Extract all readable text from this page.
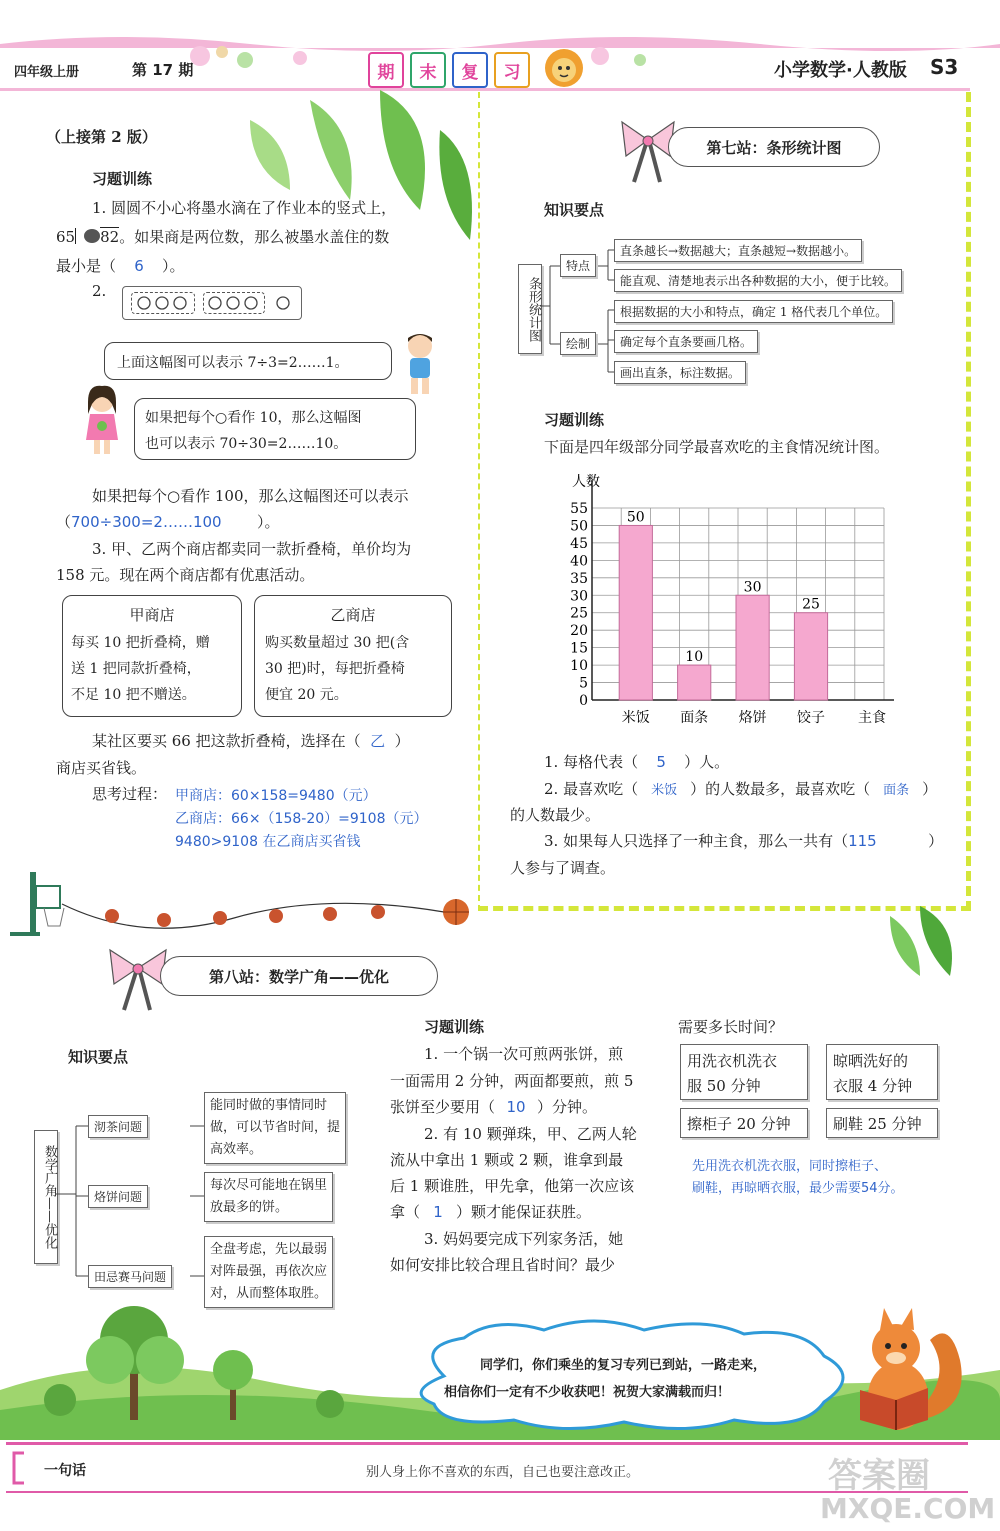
四年级上册	第 17 期	期	末	复	习	小学数学·人教版 S3
（上接第 2 版）
习题训练
1. 圆圆不小心将墨水滴在了作业本的竖式上，
65 82。如果商是两位数，那么被墨水盖住的数
最小是（ 6 ）。
2.
上面这幅图可以表示 7÷3=2……1。
如果把每个○看作 10，那么这幅图
也可以表示 70÷30=2……10。
如果把每个○看作 100，那么这幅图还可以表示
（700÷300=2……100 ）。
3. 甲、乙两个商店都卖同一款折叠椅，单价均为
158 元。现在两个商店都有优惠活动。
甲商店
每买 10 把折叠椅，赠
送 1 把同款折叠椅，
不足 10 把不赠送。
乙商店
购买数量超过 30 把(含
30 把)时，每把折叠椅
便宜 20 元。
某社区要买 66 把这款折叠椅，选择在（ 乙 ）
商店买省钱。
思考过程： 甲商店：60×158=9480（元）
乙商店：66×（158-20）=9108（元）
9480>9108 在乙商店买省钱
第七站：条形统计图
知识要点
条形统计图
特点
绘制
直条越长→数据越大；直条越短→数据越小。
能直观、清楚地表示出各种数据的大小，便于比较。
根据数据的大小和特点，确定 1 格代表几个单位。
确定每个直条要画几格。
画出直条，标注数据。
习题训练
下面是四年级部分同学最喜欢吃的主食情况统计图。
人数
50
10
30
25
0
5
10
15
20
25
30
35
40
45
50
55
米饭 面条 烙饼 饺子 主食
1. 每格代表（ 5 ）人。
2. 最喜欢吃（ 米饭 ）的人数最多，最喜欢吃（ 面条 ）
的人数最少。
3. 如果每人只选择了一种主食，那么一共有（115	）
人参与了调查。
第八站：数学广角——优化
知识要点
数学广角——优化
沏茶问题
烙饼问题
田忌赛马问题
能同时做的事情同时
做，可以节省时间，提
高效率。
每次尽可能地在锅里
放最多的饼。
全盘考虑，先以最弱
对阵最强，再依次应
对，从而整体取胜。
习题训练
1. 一个锅一次可煎两张饼，煎
一面需用 2 分钟，两面都要煎，煎 5
张饼至少要用（ 10 ）分钟。
2. 有 10 颗弹珠，甲、乙两人轮
流从中拿出 1 颗或 2 颗，谁拿到最
后 1 颗谁胜，甲先拿，他第一次应该
拿（ 1 ）颗才能保证获胜。
3. 妈妈要完成下列家务活，她
如何安排比较合理且省时间？最少
需要多长时间？
用洗衣机洗衣
服 50 分钟
晾晒洗好的
衣服 4 分钟
擦柜子 20 分钟	刷鞋 25 分钟
先用洗衣机洗衣服，同时擦柜子、
刷鞋，再晾晒衣服，最少需要54分。
同学们，你们乘坐的复习专列已到站，一路走来，
相信你们一定有不少收获吧！祝贺大家满载而归！
一句话	别人身上你不喜欢的东西，自己也要注意改正。	答案圈
MXQE.COM
